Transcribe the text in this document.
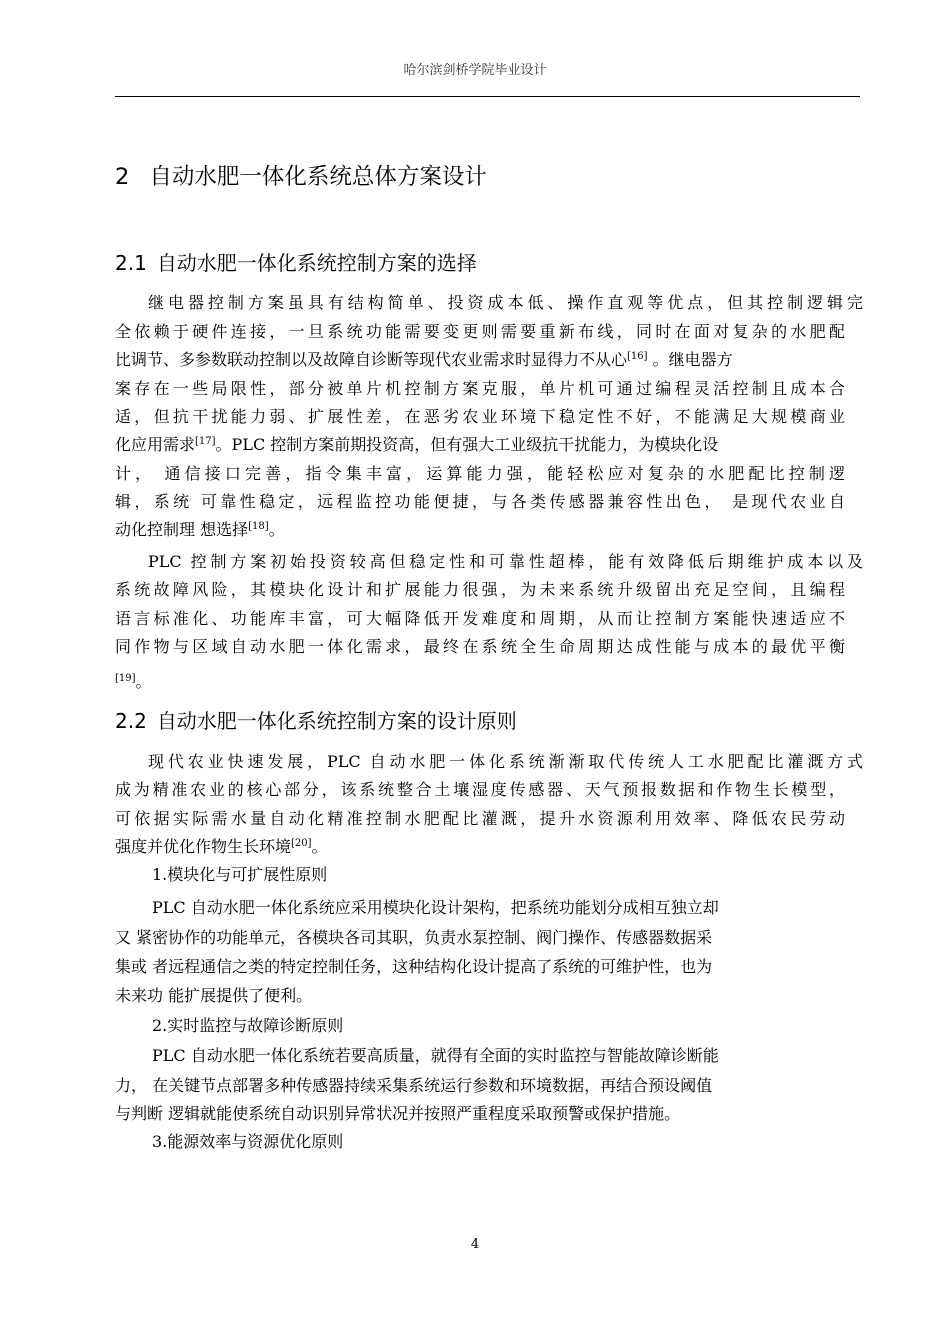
哈尔滨剑桥学院毕业设计
2 自动水肥一体化系统总体方案设计
2.1 自动水肥一体化系统控制方案的选择
继电器控制方案虽具有结构简单、投资成本低、操作直观等优点，但其控制逻辑完
全依赖于硬件连接，一旦系统功能需要变更则需要重新布线，同时在面对复杂的水肥配
比调节、多参数联动控制以及故障自诊断等现代农业需求时显得力不从心[16] 。继电器方
案存在一些局限性，部分被单片机控制方案克服，单片机可通过编程灵活控制且成本合
适，但抗干扰能力弱、扩展性差，在恶劣农业环境下稳定性不好，不能满足大规模商业
化应用需求[17]。PLC 控制方案前期投资高，但有强大工业级抗干扰能力，为模块化设
计， 通信接口完善，指令集丰富，运算能力强，能轻松应对复杂的水肥配比控制逻
辑，系统 可靠性稳定，远程监控功能便捷，与各类传感器兼容性出色， 是现代农业自
动化控制理 想选择[18]。
PLC 控制方案初始投资较高但稳定性和可靠性超棒，能有效降低后期维护成本以及
系统故障风险，其模块化设计和扩展能力很强，为未来系统升级留出充足空间，且编程
语言标准化、功能库丰富，可大幅降低开发难度和周期，从而让控制方案能快速适应不
同作物与区域自动水肥一体化需求，最终在系统全生命周期达成性能与成本的最优平衡
[19]。
2.2 自动水肥一体化系统控制方案的设计原则
现代农业快速发展，PLC 自动水肥一体化系统渐渐取代传统人工水肥配比灌溉方式
成为精准农业的核心部分，该系统整合土壤湿度传感器、天气预报数据和作物生长模型，
可依据实际需水量自动化精准控制水肥配比灌溉，提升水资源利用效率、降低农民劳动
强度并优化作物生长环境[20]。
1.模块化与可扩展性原则
PLC 自动水肥一体化系统应采用模块化设计架构，把系统功能划分成相互独立却
又 紧密协作的功能单元，各模块各司其职，负责水泵控制、阀门操作、传感器数据采
集或 者远程通信之类的特定控制任务，这种结构化设计提高了系统的可维护性，也为
未来功 能扩展提供了便利。
2.实时监控与故障诊断原则
PLC 自动水肥一体化系统若要高质量，就得有全面的实时监控与智能故障诊断能
力， 在关键节点部署多种传感器持续采集系统运行参数和环境数据，再结合预设阈值
与判断 逻辑就能使系统自动识别异常状况并按照严重程度采取预警或保护措施。
3.能源效率与资源优化原则
4
